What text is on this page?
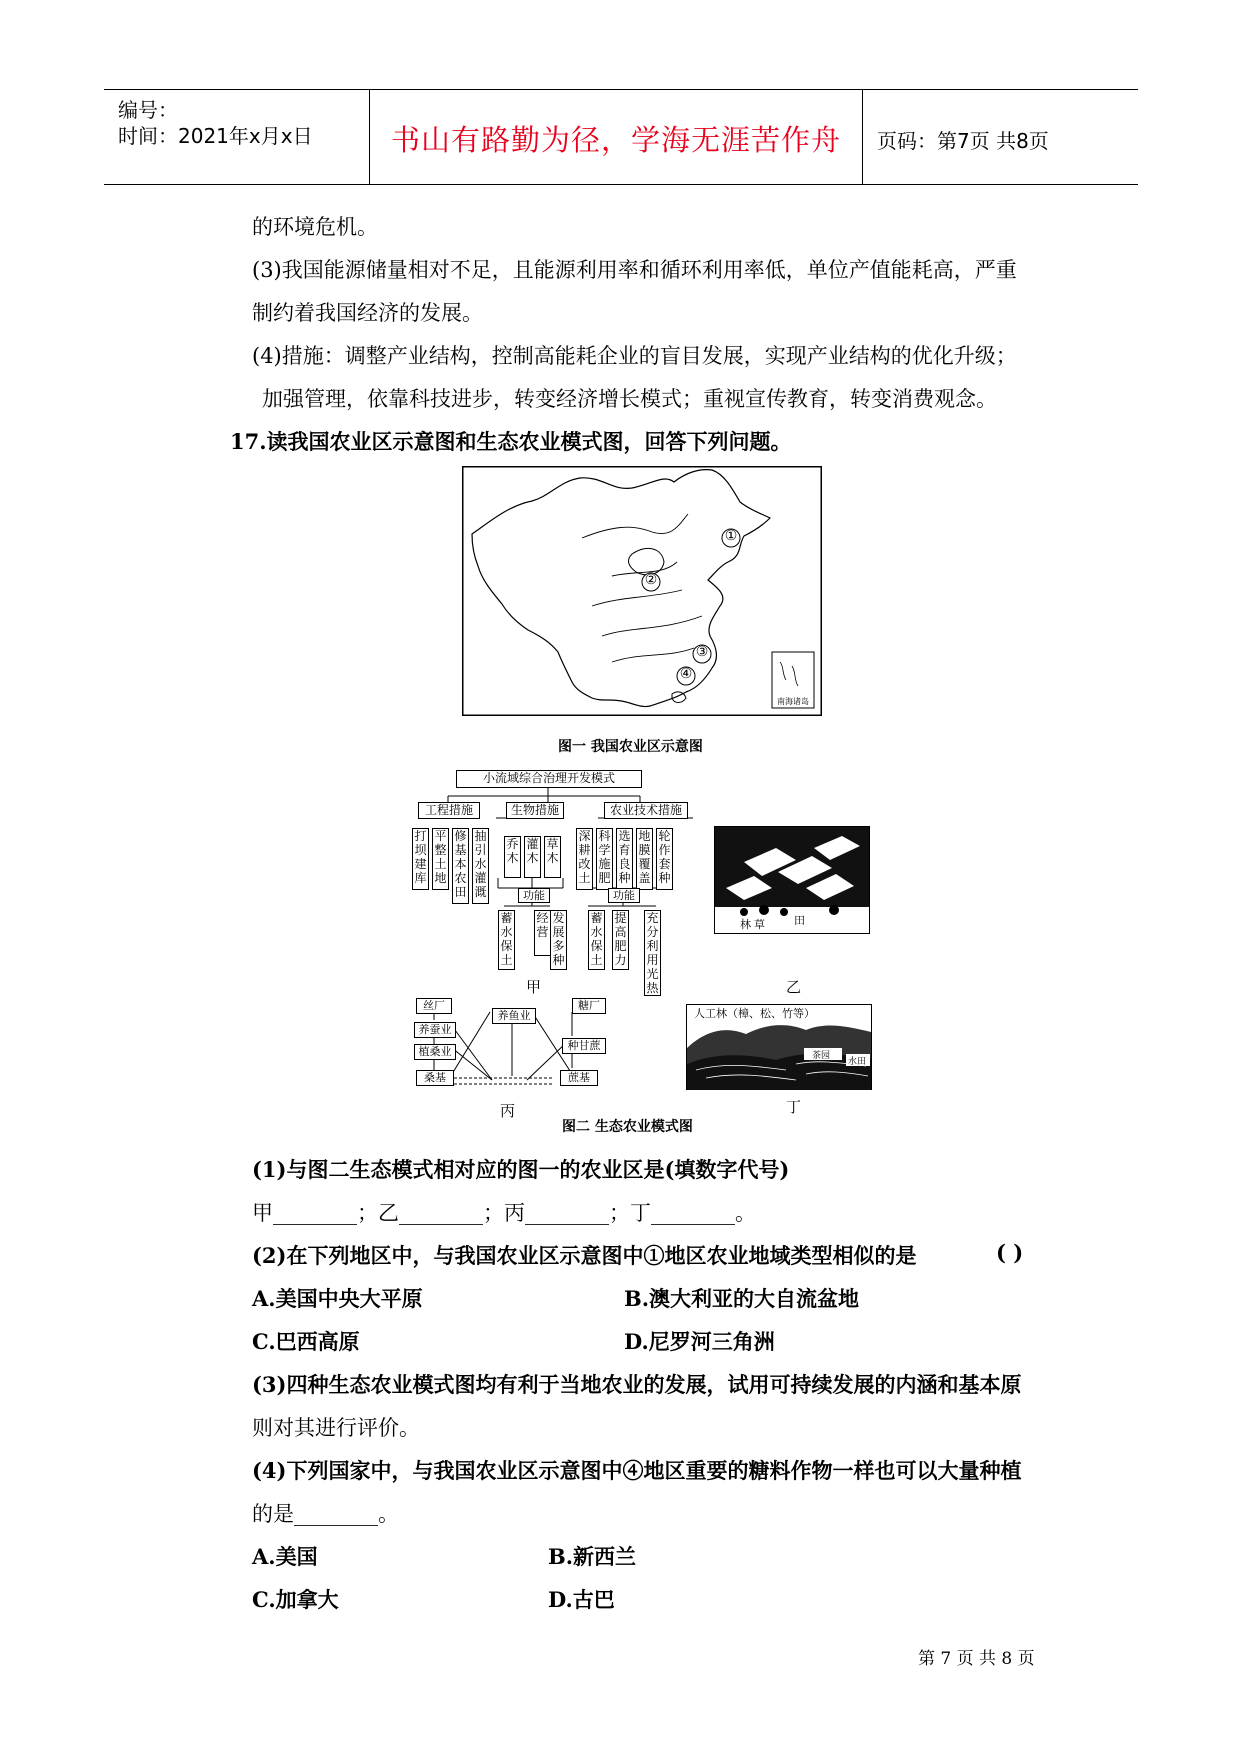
编号：
时间：2021年x月x日	书山有路勤为径，学海无涯苦作舟	页码：第7页 共8页
的环境危机。
(3)我国能源储量相对不足，且能源利用率和循环利用率低，单位产值能耗高，严重
制约着我国经济的发展。
(4)措施：调整产业结构，控制高能耗企业的盲目发展，实现产业结构的优化升级；
加强管理，依靠科技进步，转变经济增长模式；重视宣传教育，转变消费观念。
17.读我国农业区示意图和生态农业模式图，回答下列问题。
①
②
③
④
南海诸岛
图一 我国农业区示意图
小流域综合治理开发模式
工程措施	生物措施	农业技术措施
打坝建库
平整土地
修基本农田
抽引水灌溉
乔木
灌木
草木
深耕改土
科学施肥
选育良种
地膜覆盖
轮作套种
功能	功能
蓄水保土
经营
发展多种
蓄水保土
提高肥力
充分利用光热
甲
林 草	田
乙
丝厂
养蚕业
植桑业
桑基
养鱼业
糖厂
种甘蔗
蔗基
丙
人工林（樟、松、竹等）
茶园
水田
丁
图二 生态农业模式图
(1)与图二生态模式相对应的图一的农业区是(填数字代号)
甲________；乙________；丙________；丁________。
(2)在下列地区中，与我国农业区示意图中①地区农业地域类型相似的是	( )
A.美国中央大平原	B.澳大利亚的大自流盆地
C.巴西高原	D.尼罗河三角洲
(3)四种生态农业模式图均有利于当地农业的发展，试用可持续发展的内涵和基本原
则对其进行评价。
(4)下列国家中，与我国农业区示意图中④地区重要的糖料作物一样也可以大量种植
的是________。
A.美国	B.新西兰
C.加拿大	D.古巴
第 7 页 共 8 页
